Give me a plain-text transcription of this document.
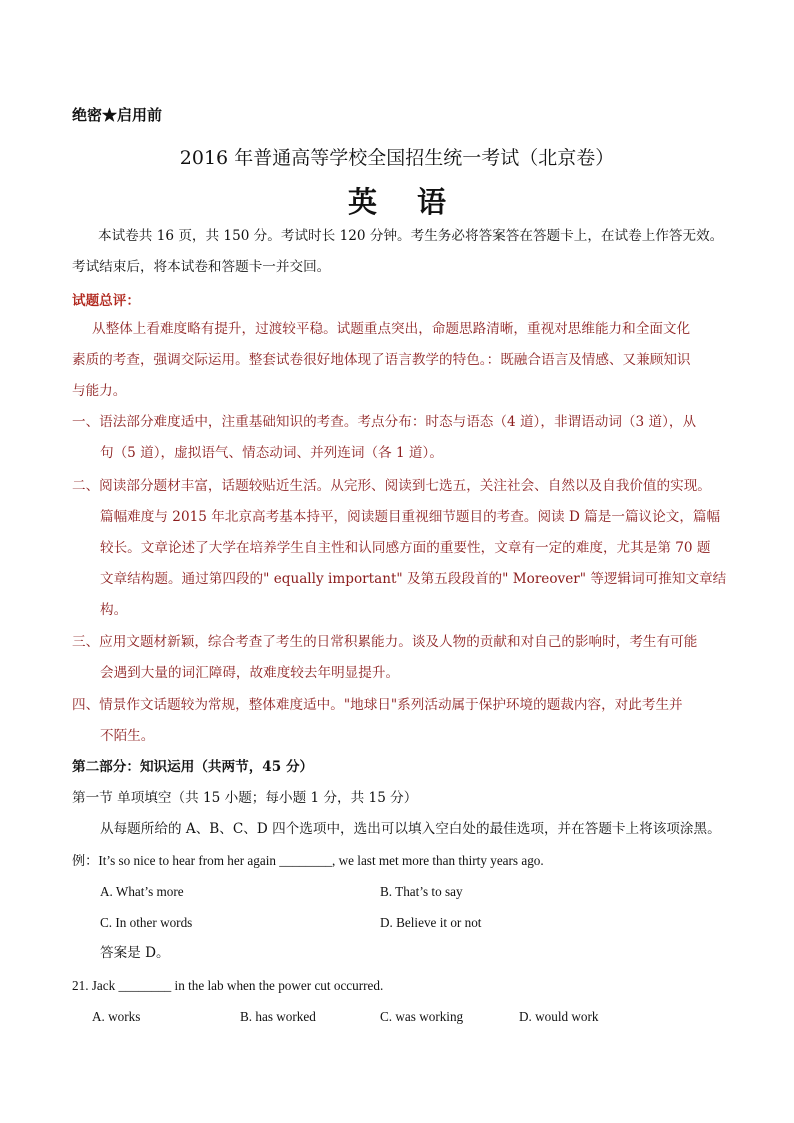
绝密★启用前
2016 年普通高等学校全国招生统一考试（北京卷）
英语
本试卷共 16 页，共 150 分。考试时长 120 分钟。考生务必将答案答在答题卡上，在试卷上作答无效。
考试结束后，将本试卷和答题卡一并交回。
试题总评：
从整体上看难度略有提升，过渡较平稳。试题重点突出，命题思路清晰，重视对思维能力和全面文化
素质的考查，强调交际运用。整套试卷很好地体现了语言教学的特色。：既融合语言及情感、又兼顾知识
与能力。
一、语法部分难度适中，注重基础知识的考查。考点分布：时态与语态（4 道），非谓语动词（3 道），从
句（5 道），虚拟语气、情态动词、并列连词（各 1 道）。
二、阅读部分题材丰富，话题较贴近生活。从完形、阅读到七选五，关注社会、自然以及自我价值的实现。
篇幅难度与 2015 年北京高考基本持平，阅读题目重视细节题目的考查。阅读 D 篇是一篇议论文，篇幅
较长。文章论述了大学在培养学生自主性和认同感方面的重要性，文章有一定的难度，尤其是第 70 题
文章结构题。通过第四段的" equally important" 及第五段段首的" Moreover" 等逻辑词可推知文章结
构。
三、应用文题材新颖，综合考查了考生的日常积累能力。谈及人物的贡献和对自己的影响时，考生有可能
会遇到大量的词汇障碍，故难度较去年明显提升。
四、情景作文话题较为常规，整体难度适中。"地球日"系列活动属于保护环境的题裁内容，对此考生并
不陌生。
第二部分：知识运用（共两节，45 分）
第一节 单项填空（共 15 小题；每小题 1 分，共 15 分）
从每题所给的 A、B、C、D 四个选项中，选出可以填入空白处的最佳选项，并在答题卡上将该项涂黑。
例：It’s so nice to hear from her again ________, we last met more than thirty years ago.
A. What’s more	B. That’s to say
C. In other words	D. Believe it or not
答案是 D。
21. Jack ________ in the lab when the power cut occurred.
A. works	B. has worked	C. was working	D. would work
